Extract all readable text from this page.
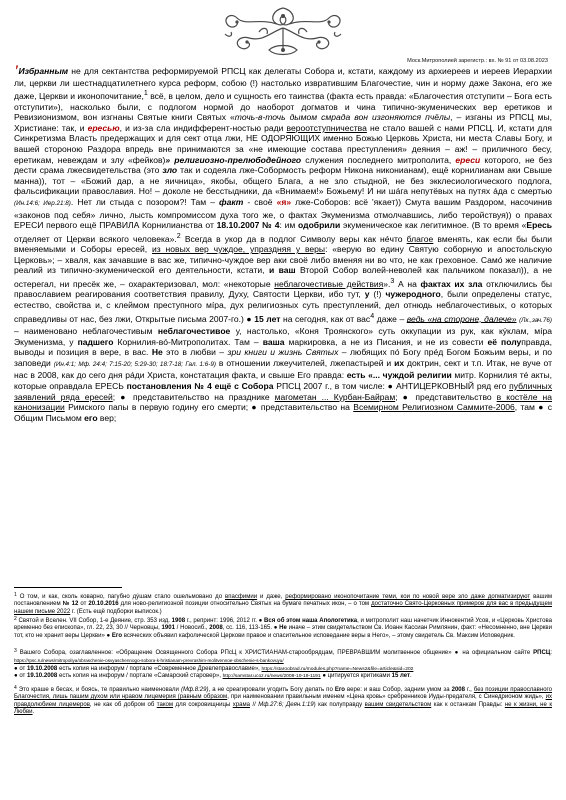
Моск.Митрополией зарегистр.: вх. № 91 от 03.08.2023

'Избранным не для сектантства реформируемой РПСЦ как делегаты Собора и, кстати, каждому из архиереев и иереев Иерархии ли, церкви ли шестнадцатилетнего курса реформ, собою (!) настолько извратившим Благочестие, чин и норму даже Закона, его же даже, Церкви и иконопочитание,$^1$ всё, в целом, дело и сущность его таинства (факта есть правда: «Благочестия отступити – Бога есть отступити»), насколько были, с подлогом нормой до наоборот догматов и чина типично-экуменических вер еретиков и Ревизионизмом, вон изгнаны Святые книги Святых «точь-в-точь дымом смрада вон изгоняются пчёлы, – изганы из РПСЦ мы, Христиане: так, и ересью, и из-за сла индифферент-ностью ради вероотступничества не стало вашей с нами РПСЦ. И, кстати для Синкретизма Власть предержащих и для сект отца лжи, НЕ ОДОРЯЮЩИХ именно Божью Церковь Христа, ни места Славы Богу, и вашей стороною Раздора впредь вне принимаются за «не имеющие состава преступления» деяния – аж! – приличного бесу, еретикам, невеждам и злу «фейков)» религиозно-прелюбодейного служения последнего митрополита, ереси которого, не без дести срама лжесвидетельства (это зло так и содеяла лже-Собормость реформ Никона никонианам), ещё корнилианам аки Свыше манна)), тот – «Божий дар, а не яичница», якобы, общего Блага, а не зло стыдной, не без экклесиологического подлога, фальсификации православия. Но! – доколе не бесстыдники, да «Внимаем!» Божьему! И ни шáга непутёвых на путях áда с смертью (Ин.14:6; Иер.21:8). Нет ли стыда с позором?! Там – факт - своё «я» лже-Соборов: всё 'якает)) Смута вашим Раздором, насочинив «законов под себя» лично, лысть компромиссом духа того же, о фактах Экуменизма отмолчавшись, либо теройствуя)) о правах ЕРЕСИ первого ещё ПРАВИЛА Корнилианства от 18.10.2007 № 4: им одобрили экуменическое как легитимное. (В то время «Ересь отделяет от Церкви всякого человека».$^2$ Всегда в укор да в подлог Символу веры как нéчто благое вменять, как если бы были вменяемыми и Соборы ересей, из новых вер чуждое, упраздняя у веры: «верую во едину Святую соборную и апостольскую Церковь»; – хваля, как зачавшие в вас же, типично-чуждое вер аки своё либо вменяя ни во что, не как греховное. Самó же наличие реалий из типично-экуменической его деятельности, кстати, и ваш Второй Собор волей-неволей как пальчиком показал)), а не остерегал, ни пресёк же, – охарактеризовал, мол: «некоторые неблагочестивые действия».$^3$ А на фактах их зла отключились бы православием реагирования соответствия правилу, Духу, Святости Церкви, ибо тут, у (!) чужеродного, были определены статус, естество, свойства и, с клеймом преступного мíра, дух религиозных суть преступлений, дел отнюдь неблагочестивых, о которых справедливы от нас, без лжи, Открытые письма 2007-го.) ● 15 лет на сегодня, как от вас$^4$ даже – ведь «на стороне, далече» (Лк.,зач.76) – наименовано неблагочестивым неблагочестивое у, настолько, «Коня Троянского» суть оккупации из рук, как кýклам, мíра Экуменизма, у падшего Корнилия-вó-Митрополитах. Там – ваша маркировка, а не из Писания, и не из совести её полуправда, выводы и позиция в вере, в вас. Не это в любви – зри книги и жизнь Святых – любящих пó Богу прéд Богом Божьим веры, и по заповеди (Ин.4:1; Мф. 24:4; 7:15-20; 5:29-30; 18:7-18; Гал. 1:6-9) в отношении лжеучителей, лжепастырей и их доктрин, сект и т.п. Итак, не вуче от нас в 2008, как до сего дня рáди Христа, констатация факта, и свыше Его правда: есть «... чуждой религии митр. Корнилия тé акты, которые оправдала ЕРЕСЬ постановления № 4 ещё с Собора РПСЦ 2007 г., в том числе: ● АНТИЦЕРКОВНЫЙ ряд его публичных заявлений ряда ересей; ● представительство на празднике магометан ... Курбан-Байрам; ● представительство в костёле на канонизации Римского папы в первую годину его смерти; ● представительство на Всемирном Религиозном Саммите-2006, там ● с Общим Письмом его вер;

$^1$ О том, и как, сколь коварно, пагубно дýшам стало ошельмовано до впасфимии и даже, реформировано иконопочитание теми, кои по новой вере зло даже догматизируют вашим постановлением № 12 от 20.10.2016 для ново-религиозной позиции относительно Святых на бумаге печатных икон, – о том достаточно Свято-Церковных примеров для вас в предыдущем нашем письме 2022 г. (Есть ещё подборки выписок.)

$^2$ Святой и Вселен. VII Собор, 1-е Деяние, стр. 353 изд. 1908 г., репринт: 1996, 2012 гг. ● Вся об этом наша Апологетика, и митрополит наш начетчик Иннокентий Усов, и «Церковь Христова временно без епископа», гл. 22, 23, 30 // Черновцы, 1901 / Новосиб., 2008, сс. 116, 113-165. ● Не иначе – этим свидетельством Св. Иоанн Кассиан Римлянин, факт: «Несомненно, вне Церкви тот, кто не хранит веры Церкви» ● Его всяческих объявил кафолической Церкови правое и спасительное исповедание веры в Него», – этому свидетель Св. Максим Исповедник.

$^3$ Вашего Собора, озаглавленное: «Обращение Освященного Собора РПсЦ к ХРИСТИАНАМ-старообрядцам, ПРЕВРАВШИМ молитвенное общение» ● на официальном сайте РПСЦ: https://rpsc.ru/news/mitropoliya/obraschenie-osvyaschennogo-sobora-k-hristianam-prevrashim-molitvennoe-obschenie-s-bankovuyu/
● от 19.10.2008 есть копия на инфорум / портале «Современное Древлеправославие», https://staroobrad.ru/modules.php?name=News2&file=article&sid=202
● от 19.10.2008 есть копия на инфорум / портале «Самарский старовер», http://samstar.ucoz.ru/news/2008-10-19-1191 ● цитируется критиками 15 лет.

$^4$ Это краше в бесах, и боясь, те правильно наименовали (Мф.8:29), а не среагировали угодить Богу делать по Его вере: и ваш Собор, задним умом за 2008 г., без позиции православного Благочестия, лишь пашим духом или нравом лицемерия (равным образом, при наименовании правильным именем «Цена кровь» сребренников Иуды-предателя, с Синедрионом жидь», их правдолюбием лицемеров, не как об добром об таком для сокровищницы храма // Мф.27:6; Деян.1:19) как полуправду вашим свидетельством как к останкам Правды: не к жизни, не к Любви.
